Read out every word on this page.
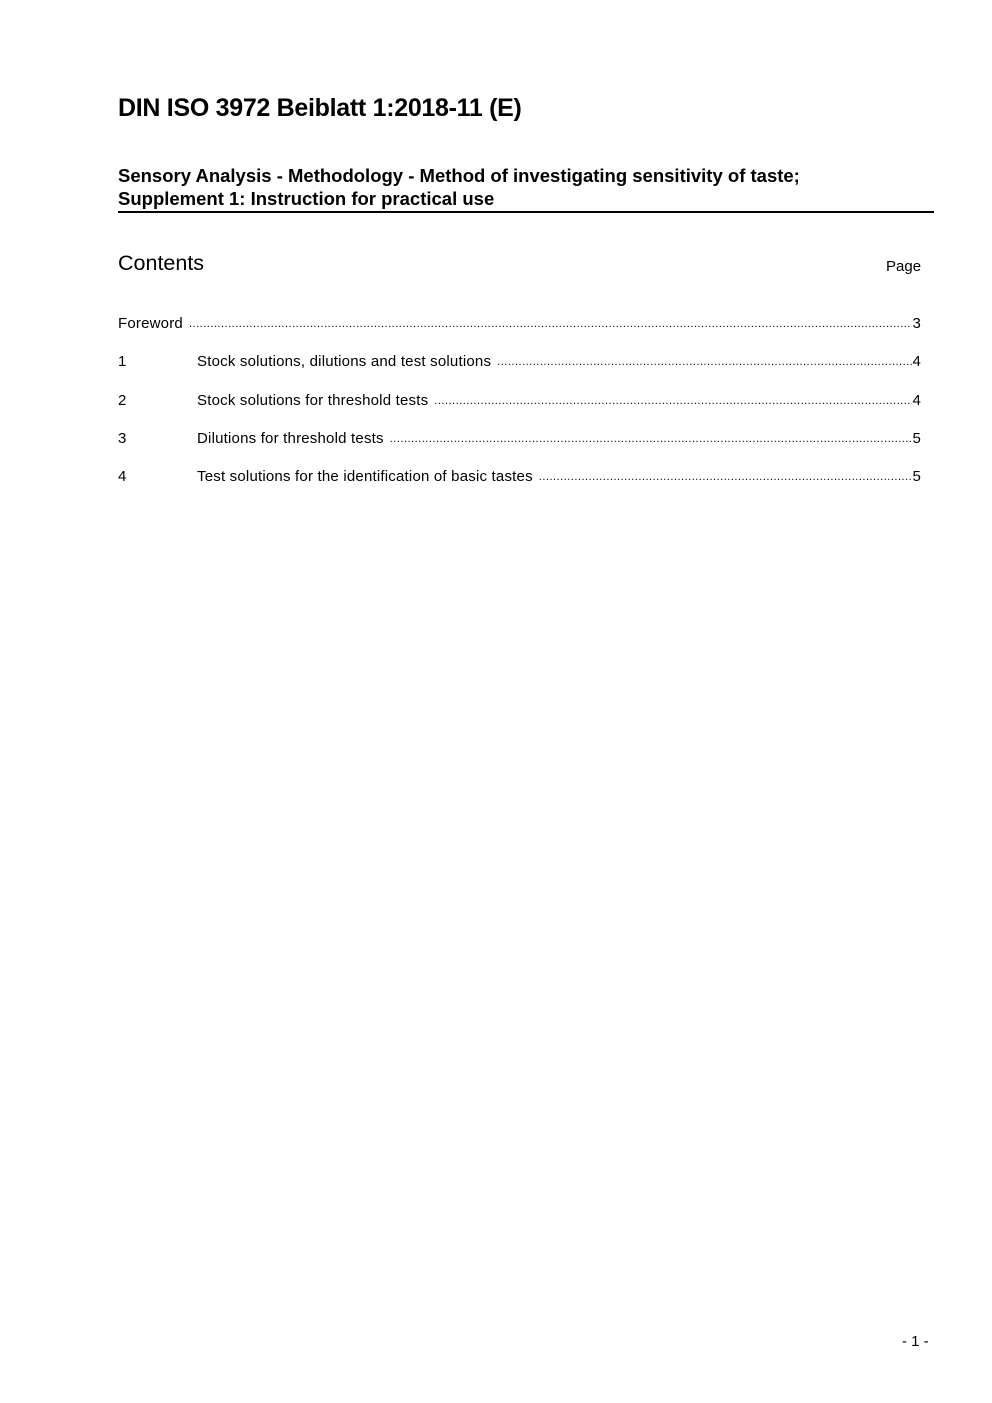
DIN ISO 3972 Beiblatt 1:2018-11 (E)
Sensory Analysis - Methodology - Method of investigating sensitivity of taste;
Supplement 1: Instruction for practical use
Contents	Page
Foreword .....	3
1	Stock solutions, dilutions and test solutions .....	4
2	Stock solutions for threshold tests .....	4
3	Dilutions for threshold tests .....	5
4	Test solutions for the identification of basic tastes .....	5
- 1 -
